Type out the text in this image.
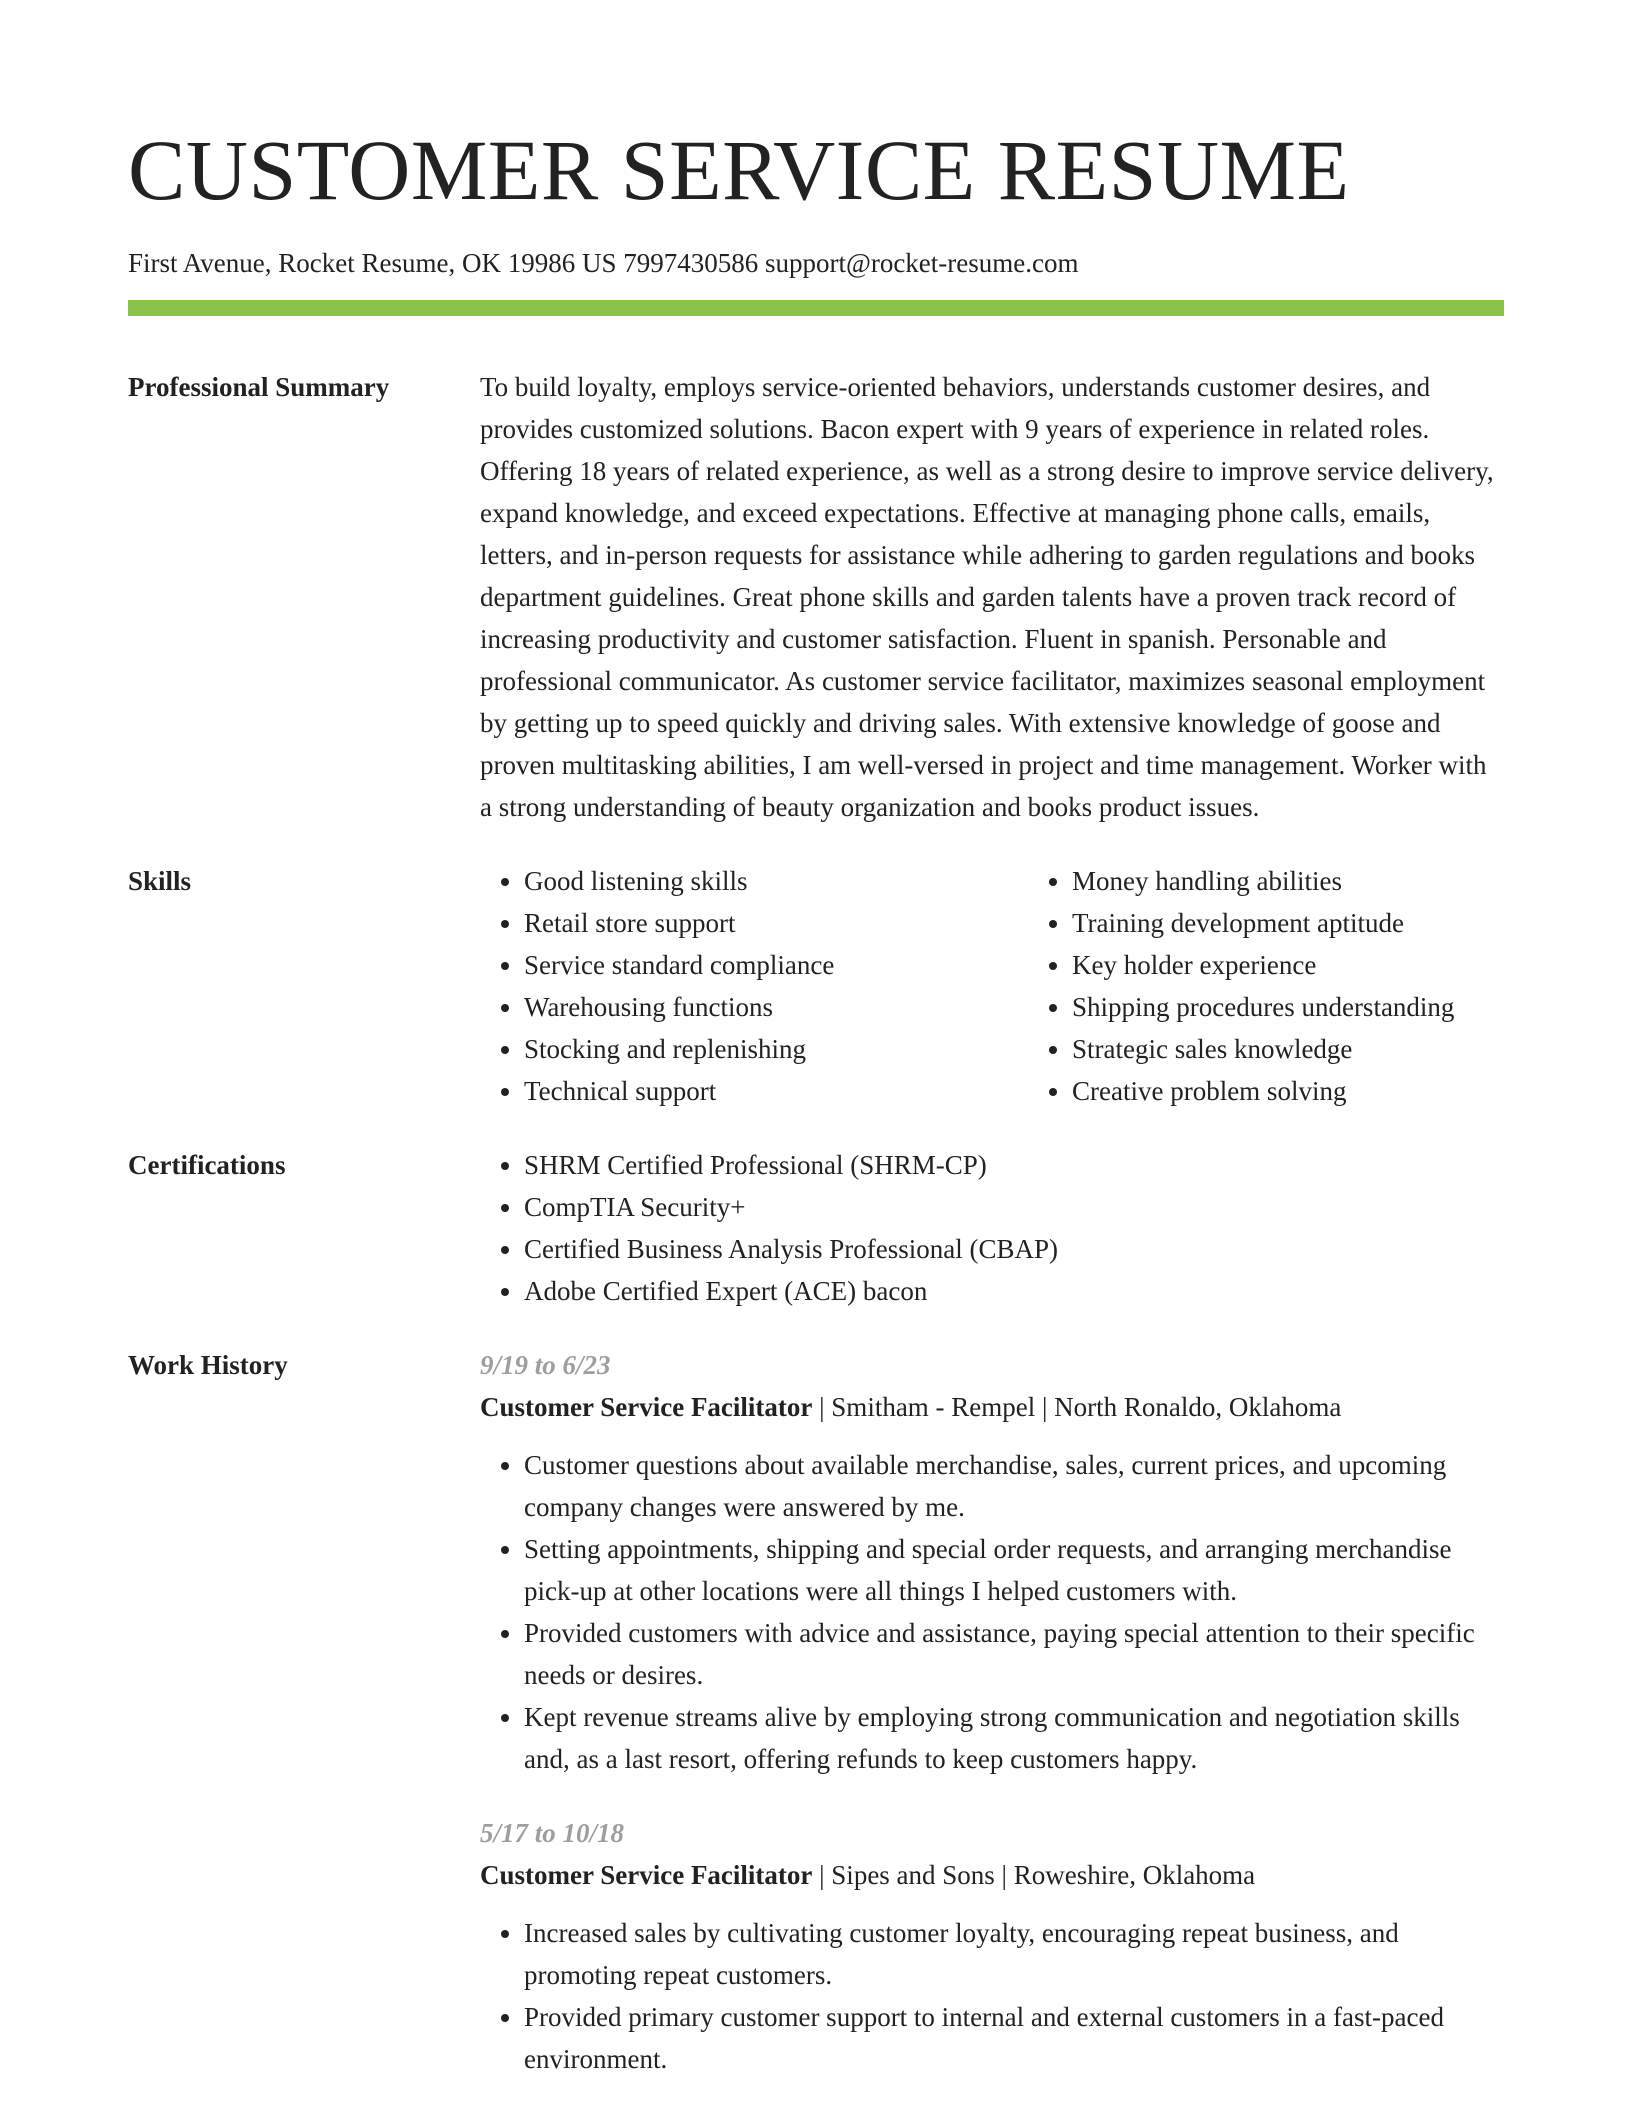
CUSTOMER SERVICE RESUME
First Avenue, Rocket Resume, OK 19986 US 7997430586 support@rocket-resume.com
Professional Summary	To build loyalty, employs service-oriented behaviors, understands customer desires, and provides customized solutions. Bacon expert with 9 years of experience in related roles. Offering 18 years of related experience, as well as a strong desire to improve service delivery, expand knowledge, and exceed expectations. Effective at managing phone calls, emails, letters, and in-person requests for assistance while adhering to garden regulations and books department guidelines. Great phone skills and garden talents have a proven track record of increasing productivity and customer satisfaction. Fluent in spanish. Personable and professional communicator. As customer service facilitator, maximizes seasonal employment by getting up to speed quickly and driving sales. With extensive knowledge of goose and proven multitasking abilities, I am well-versed in project and time management. Worker with a strong understanding of beauty organization and books product issues.
Skills	• Good listening skills
• Retail store support
• Service standard compliance
• Warehousing functions
• Stocking and replenishing
• Technical support
• Money handling abilities
• Training development aptitude
• Key holder experience
• Shipping procedures understanding
• Strategic sales knowledge
• Creative problem solving
Certifications	• SHRM Certified Professional (SHRM-CP)
• CompTIA Security+
• Certified Business Analysis Professional (CBAP)
• Adobe Certified Expert (ACE) bacon
Work History	9/19 to 6/23
Customer Service Facilitator | Smitham - Rempel | North Ronaldo, Oklahoma
• Customer questions about available merchandise, sales, current prices, and upcoming company changes were answered by me.
• Setting appointments, shipping and special order requests, and arranging merchandise pick-up at other locations were all things I helped customers with.
• Provided customers with advice and assistance, paying special attention to their specific needs or desires.
• Kept revenue streams alive by employing strong communication and negotiation skills and, as a last resort, offering refunds to keep customers happy.
5/17 to 10/18
Customer Service Facilitator | Sipes and Sons | Roweshire, Oklahoma
• Increased sales by cultivating customer loyalty, encouraging repeat business, and promoting repeat customers.
• Provided primary customer support to internal and external customers in a fast-paced environment.
